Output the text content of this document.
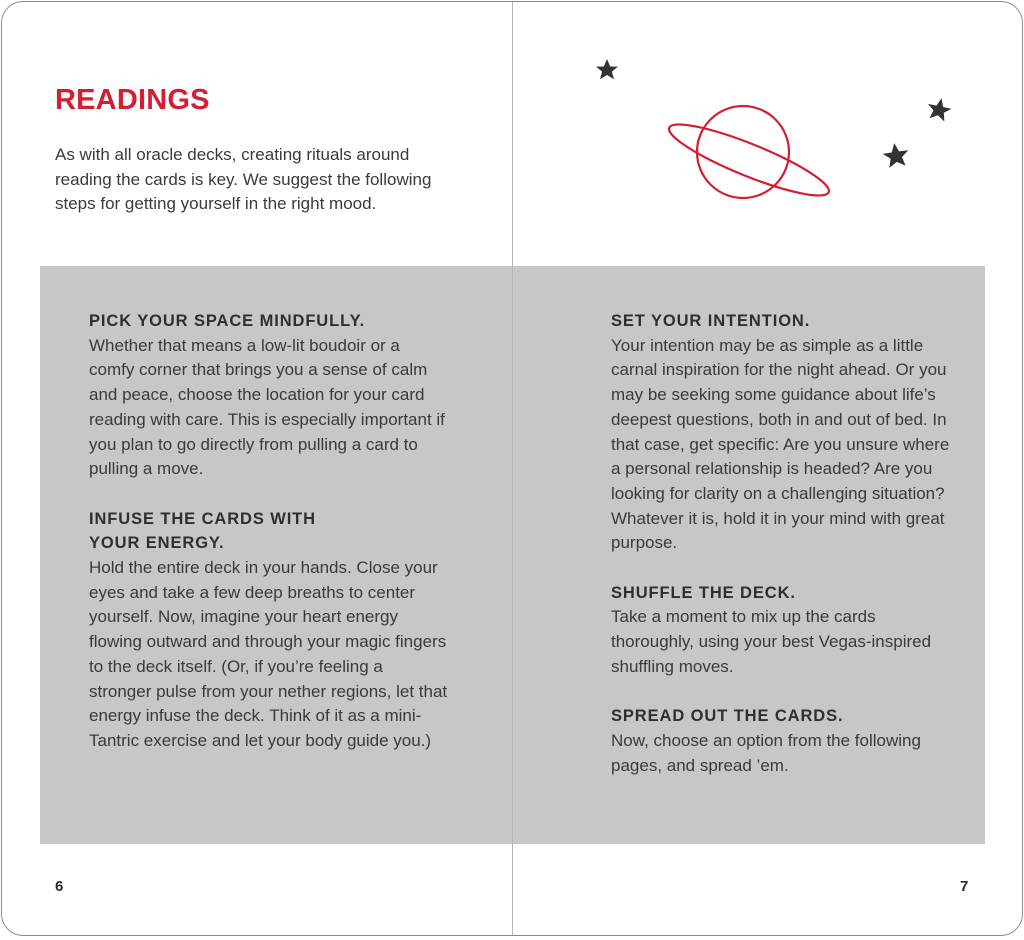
READINGS

As with all oracle decks, creating rituals around reading the cards is key. We suggest the following steps for getting yourself in the right mood.

PICK YOUR SPACE MINDFULLY.

Whether that means a low-lit boudoir or a comfy corner that brings you a sense of calm and peace, choose the location for your card reading with care. This is especially important if you plan to go directly from pulling a card to pulling a move.

INFUSE THE CARDS WITH YOUR ENERGY.

Hold the entire deck in your hands. Close your eyes and take a few deep breaths to center yourself. Now, imagine your heart energy flowing outward and through your magic fingers to the deck itself. (Or, if you’re feeling a stronger pulse from your nether regions, let that energy infuse the deck. Think of it as a mini-Tantric exercise and let your body guide you.)

6
SET YOUR INTENTION.

Your intention may be as simple as a little carnal inspiration for the night ahead. Or you may be seeking some guidance about life’s deepest questions, both in and out of bed. In that case, get specific: Are you unsure where a personal relationship is headed? Are you looking for clarity on a challenging situation? Whatever it is, hold it in your mind with great purpose.

SHUFFLE THE DECK.

Take a moment to mix up the cards thoroughly, using your best Vegas-inspired shuffling moves.

SPREAD OUT THE CARDS.

Now, choose an option from the following pages, and spread ’em.

7
